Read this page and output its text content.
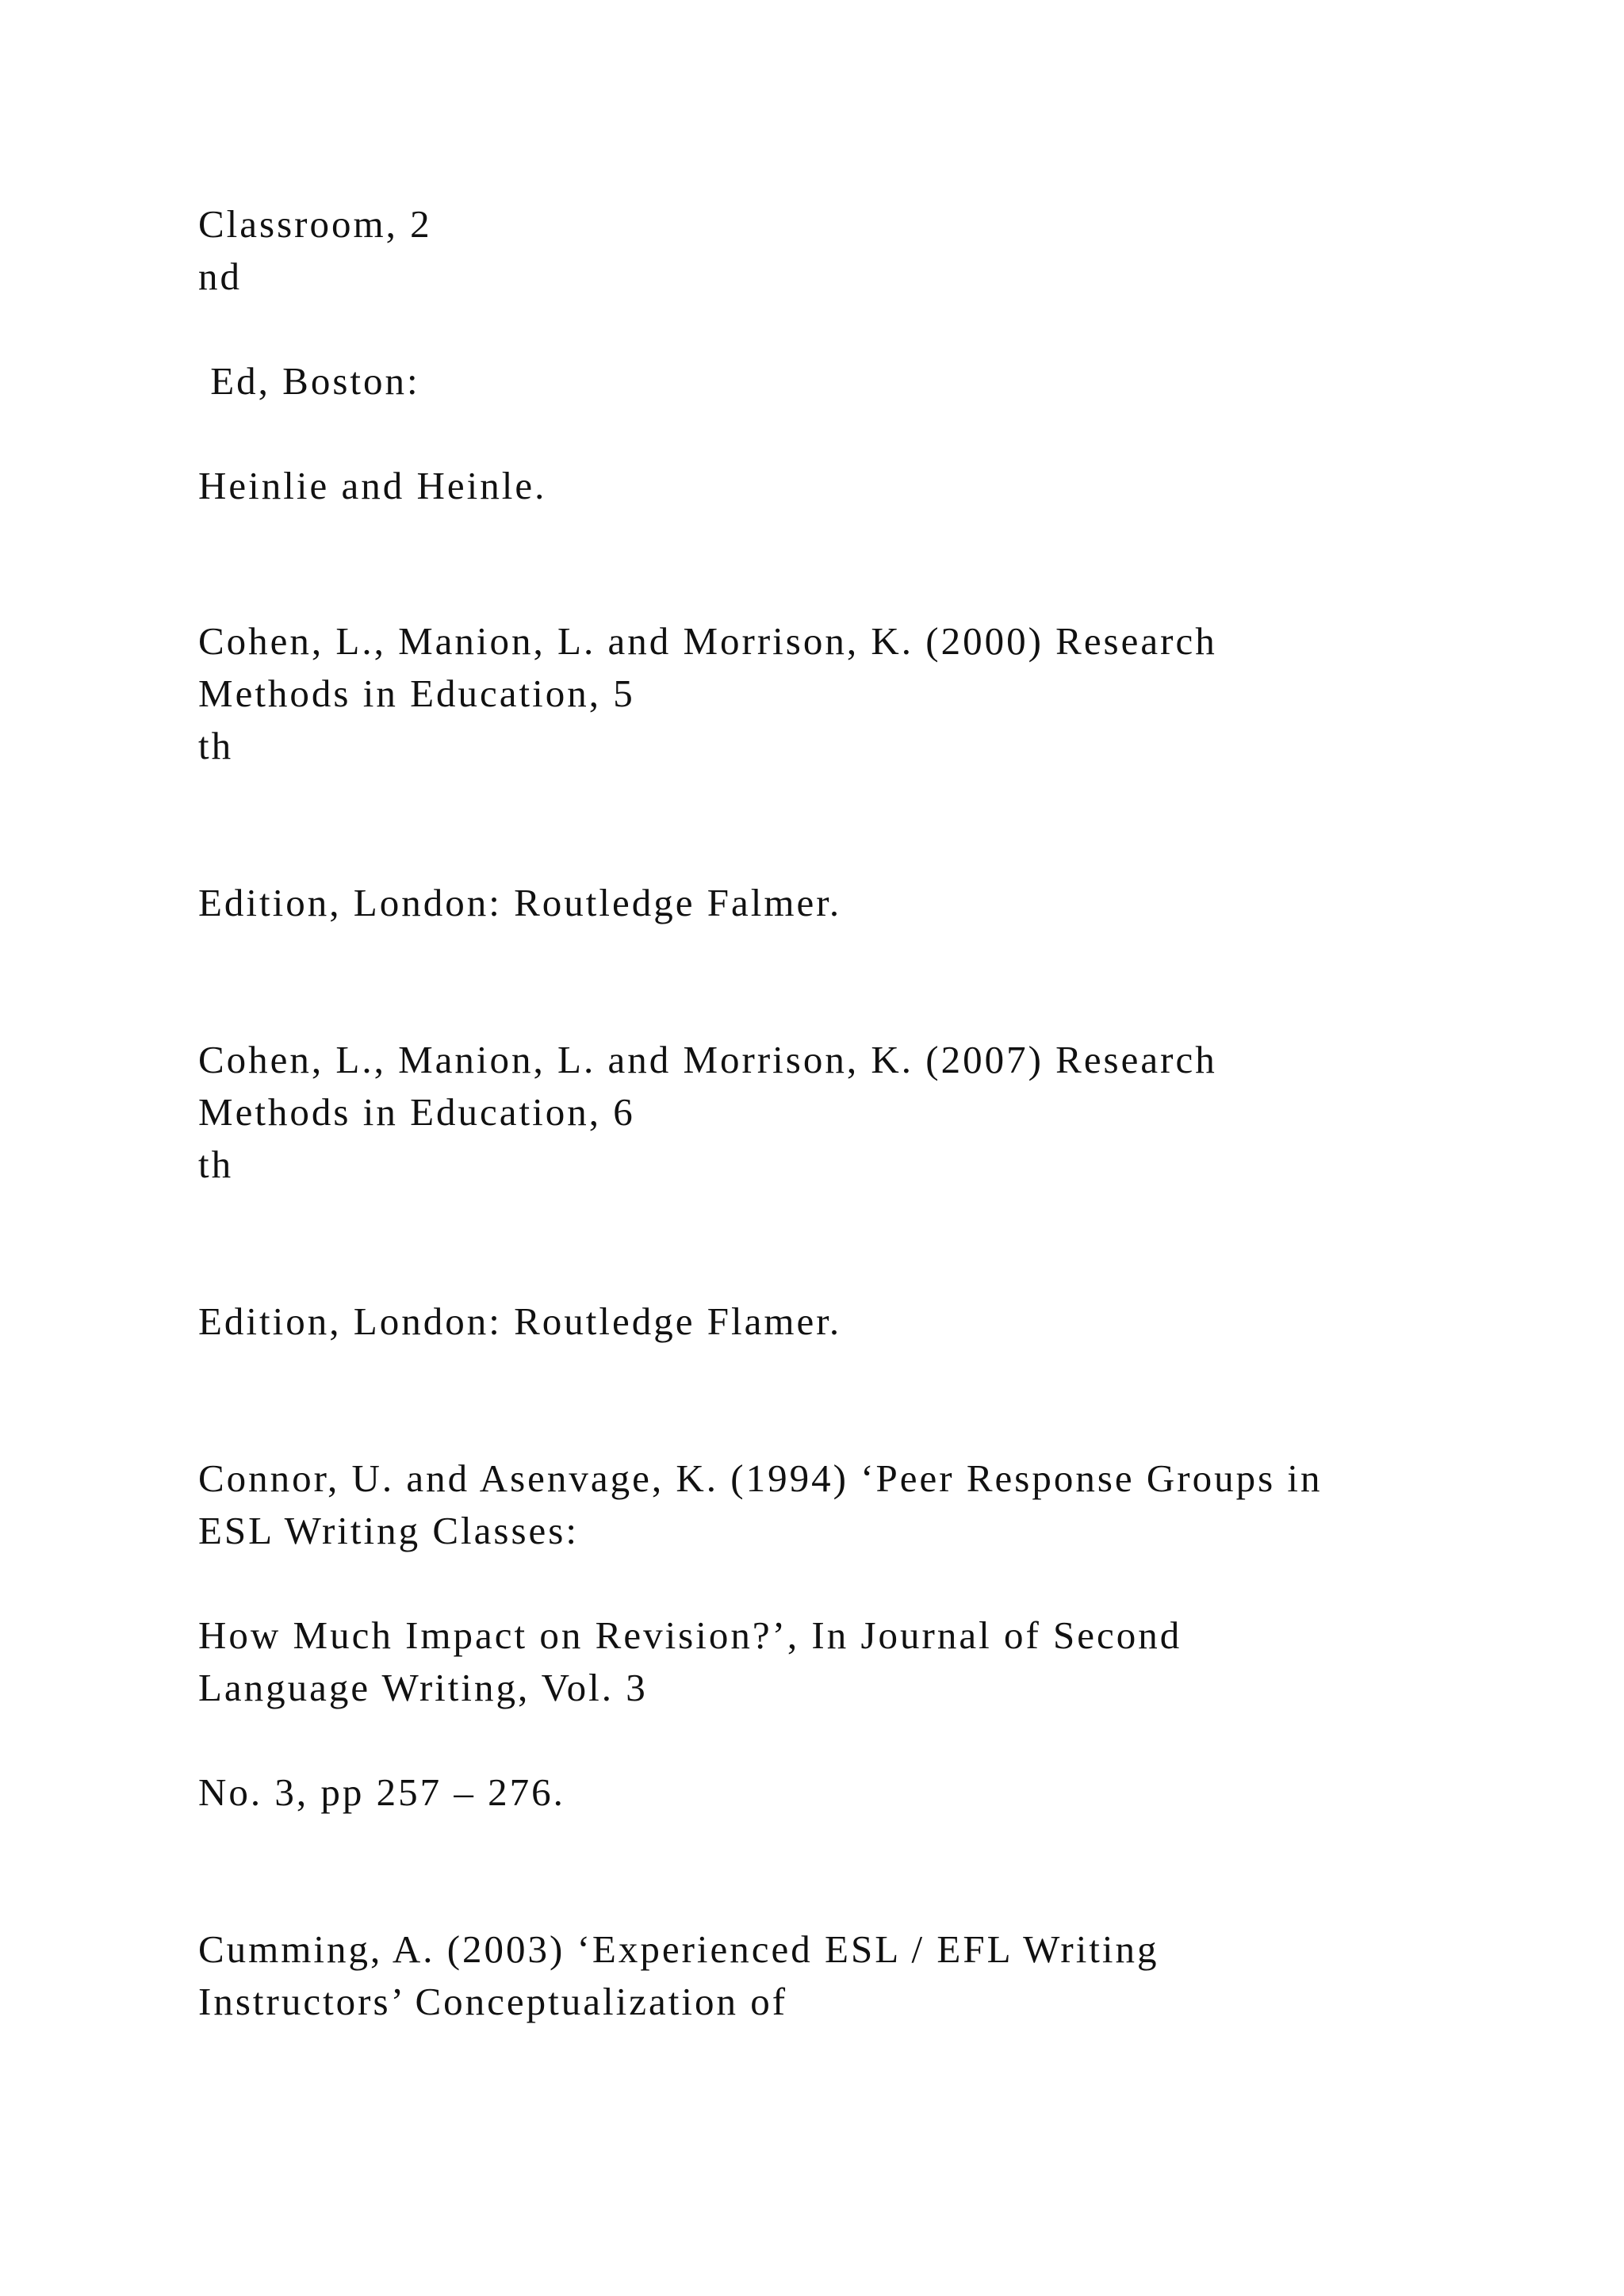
Classroom, 2

nd

Ed, Boston:

Heinlie and Heinle.

Cohen, L., Manion, L. and Morrison, K. (2000) Research

Methods in Education, 5

th

Edition, London: Routledge Falmer.

Cohen, L., Manion, L. and Morrison, K. (2007) Research

Methods in Education, 6

th

Edition, London: Routledge Flamer.

Connor, U. and Asenvage, K. (1994) ‘Peer Response Groups in

ESL Writing Classes:

How Much Impact on Revision?’, In Journal of Second

Language Writing, Vol. 3

No. 3, pp 257 – 276.

Cumming, A. (2003) ‘Experienced ESL / EFL Writing

Instructors’ Conceptualization of
